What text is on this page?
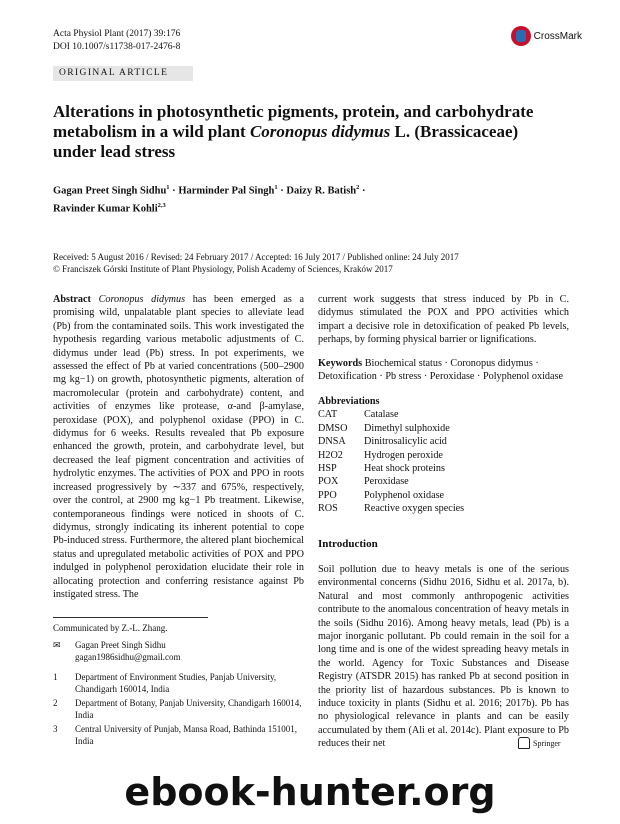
Acta Physiol Plant (2017) 39:176
DOI 10.1007/s11738-017-2476-8
CrossMark
ORIGINAL ARTICLE
Alterations in photosynthetic pigments, protein, and carbohydrate metabolism in a wild plant Coronopus didymus L. (Brassicaceae) under lead stress
Gagan Preet Singh Sidhu$^1$ · Harminder Pal Singh$^1$ · Daizy R. Batish$^2$ ·
Ravinder Kumar Kohli$^{2,3}$
Received: 5 August 2016 / Revised: 24 February 2017 / Accepted: 16 July 2017 / Published online: 24 July 2017
© Franciszek Górski Institute of Plant Physiology, Polish Academy of Sciences, Kraków 2017
Abstract Coronopus didymus has been emerged as a promising wild, unpalatable plant species to alleviate lead (Pb) from the contaminated soils. This work investigated the hypothesis regarding various metabolic adjustments of C. didymus under lead (Pb) stress. In pot experiments, we assessed the effect of Pb at varied concentrations (500–2900 mg kg−1) on growth, photosynthetic pigments, alteration of macromolecular (protein and carbohydrate) content, and activities of enzymes like protease, α-and β-amylase, peroxidase (POX), and polyphenol oxidase (PPO) in C. didymus for 6 weeks. Results revealed that Pb exposure enhanced the growth, protein, and carbohydrate level, but decreased the leaf pigment concentration and activities of hydrolytic enzymes. The activities of POX and PPO in roots increased progressively by ∼337 and 675%, respectively, over the control, at 2900 mg kg−1 Pb treatment. Likewise, contemporaneous findings were noticed in shoots of C. didymus, strongly indicating its inherent potential to cope Pb-induced stress. Furthermore, the altered plant biochemical status and upregulated metabolic activities of POX and PPO indulged in polyphenol peroxidation elucidate their role in allocating protection and conferring resistance against Pb instigated stress. The
current work suggests that stress induced by Pb in C. didymus stimulated the POX and PPO activities which impart a decisive role in detoxification of peaked Pb levels, perhaps, by forming physical barrier or lignifications.
Keywords Biochemical status · Coronopus didymus · Detoxification · Pb stress · Peroxidase · Polyphenol oxidase
Abbreviations
CAT	Catalase
DMSO	Dimethyl sulphoxide
DNSA	Dinitrosalicylic acid
H2O2	Hydrogen peroxide
HSP	Heat shock proteins
POX	Peroxidase
PPO	Polyphenol oxidase
ROS	Reactive oxygen species
Introduction
Soil pollution due to heavy metals is one of the serious environmental concerns (Sidhu 2016, Sidhu et al. 2017a, b). Natural and most commonly anthropogenic activities contribute to the anomalous concentration of heavy metals in the soils (Sidhu 2016). Among heavy metals, lead (Pb) is a major inorganic pollutant. Pb could remain in the soil for a long time and is one of the widest spreading heavy metals in the world. Agency for Toxic Substances and Disease Registry (ATSDR 2015) has ranked Pb at second position in the priority list of hazardous substances. Pb is known to induce toxicity in plants (Sidhu et al. 2016; 2017b). Pb has no physiological relevance in plants and can be easily accumulated by them (Ali et al. 2014c). Plant exposure to Pb reduces their net
Communicated by Z.-L. Zhang.
✉	Gagan Preet Singh Sidhu
gagan1986sidhu@gmail.com
1	Department of Environment Studies, Panjab University, Chandigarh 160014, India
2	Department of Botany, Panjab University, Chandigarh 160014, India
3	Central University of Punjab, Mansa Road, Bathinda 151001, India	Springer
ebook-hunter.org
